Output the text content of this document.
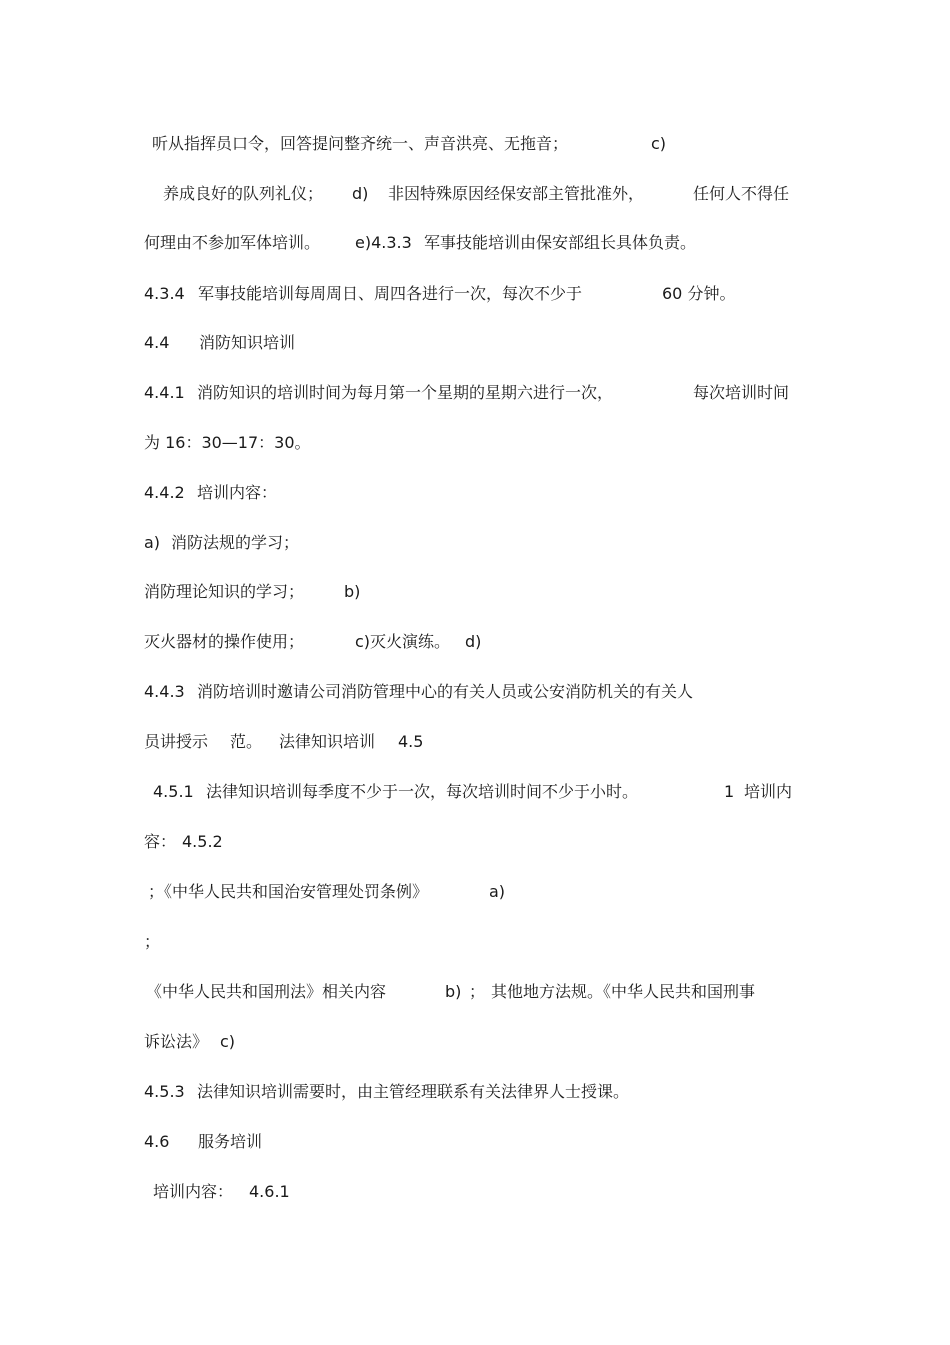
听从指挥员口令，回答提问整齐统一、声音洪亮、无拖音；	c)
养成良好的队列礼仪； d) 非因特殊原因经保安部主管批准外，	任何人不得任
何理由不参加军体培训。 e)4.3.3 军事技能培训由保安部组长具体负责。
4.3.4 军事技能培训每周周日、周四各进行一次，每次不少于	60 分钟。
4.4 消防知识培训
4.4.1 消防知识的培训时间为每月第一个星期的星期六进行一次，	每次培训时间
为 16：30—17：30。
4.4.2 培训内容：
a) 消防法规的学习；
消防理论知识的学习； b)
灭火器材的操作使用；	c)灭火演练。 d)
4.4.3 消防培训时邀请公司消防管理中心的有关人员或公安消防机关的有关人
员讲授示 范。 法律知识培训 4.5
4.5.1 法律知识培训每季度不少于一次，每次培训时间不少于小时。	1 培训内
容： 4.5.2
；《中华人民共和国治安管理处罚条例》	a)
；
《中华人民共和国刑法》相关内容	b) ； 其他地方法规。《中华人民共和国刑事
诉讼法》 c)
4.5.3 法律知识培训需要时，由主管经理联系有关法律界人士授课。
4.6 服务培训
培训内容： 4.6.1
